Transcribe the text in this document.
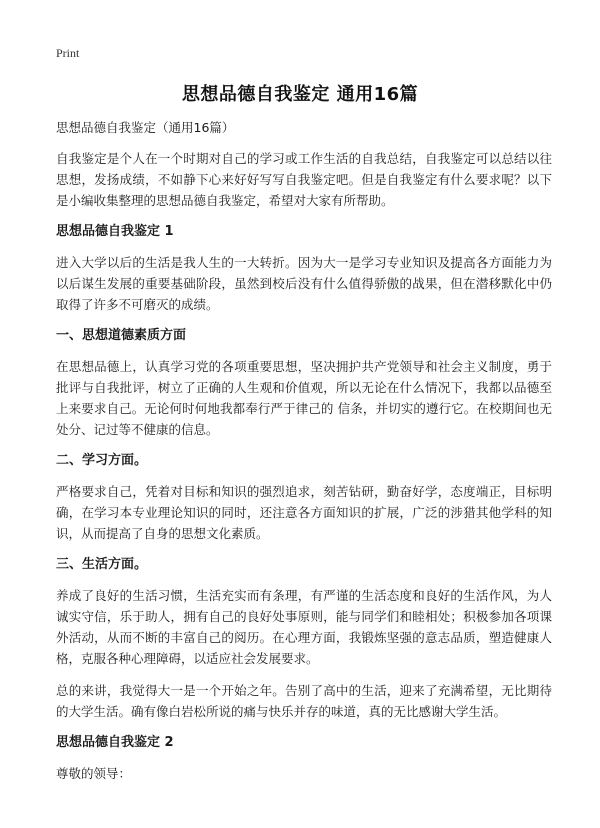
Print
思想品德自我鉴定 通用16篇
思想品德自我鉴定（通用16篇）

自我鉴定是个人在一个时期对自己的学习或工作生活的自我总结，自我鉴定可以总结以往思想，发扬成绩，不如静下心来好好写写自我鉴定吧。但是自我鉴定有什么要求呢？以下是小编收集整理的思想品德自我鉴定，希望对大家有所帮助。

思想品德自我鉴定 1

进入大学以后的生活是我人生的一大转折。因为大一是学习专业知识及提高各方面能力为以后谋生发展的重要基础阶段，虽然到校后没有什么值得骄傲的战果，但在潜移默化中仍取得了许多不可磨灭的成绩。

一、思想道德素质方面

在思想品德上，认真学习党的各项重要思想，坚决拥护共产党领导和社会主义制度，勇于批评与自我批评，树立了正确的人生观和价值观，所以无论在什么情况下，我都以品德至上来要求自己。无论何时何地我都奉行严于律己的 信条，并切实的遵行它。在校期间也无处分、记过等不健康的信息。

二、学习方面。

严格要求自己，凭着对目标和知识的强烈追求，刻苦钻研，勤奋好学，态度端正，目标明确，在学习本专业理论知识的同时，还注意各方面知识的扩展，广泛的涉猎其他学科的知识，从而提高了自身的思想文化素质。

三、生活方面。

养成了良好的生活习惯，生活充实而有条理，有严谨的生活态度和良好的生活作风，为人诚实守信，乐于助人，拥有自己的良好处事原则，能与同学们和睦相处；积极参加各项课外活动，从而不断的丰富自己的阅历。在心理方面，我锻炼坚强的意志品质，塑造健康人格，克服各种心理障碍，以适应社会发展要求。

总的来讲，我觉得大一是一个开始之年。告别了高中的生活，迎来了充满希望，无比期待的大学生活。确有像白岩松所说的痛与快乐并存的味道，真的无比感谢大学生活。

思想品德自我鉴定 2

尊敬的领导：
